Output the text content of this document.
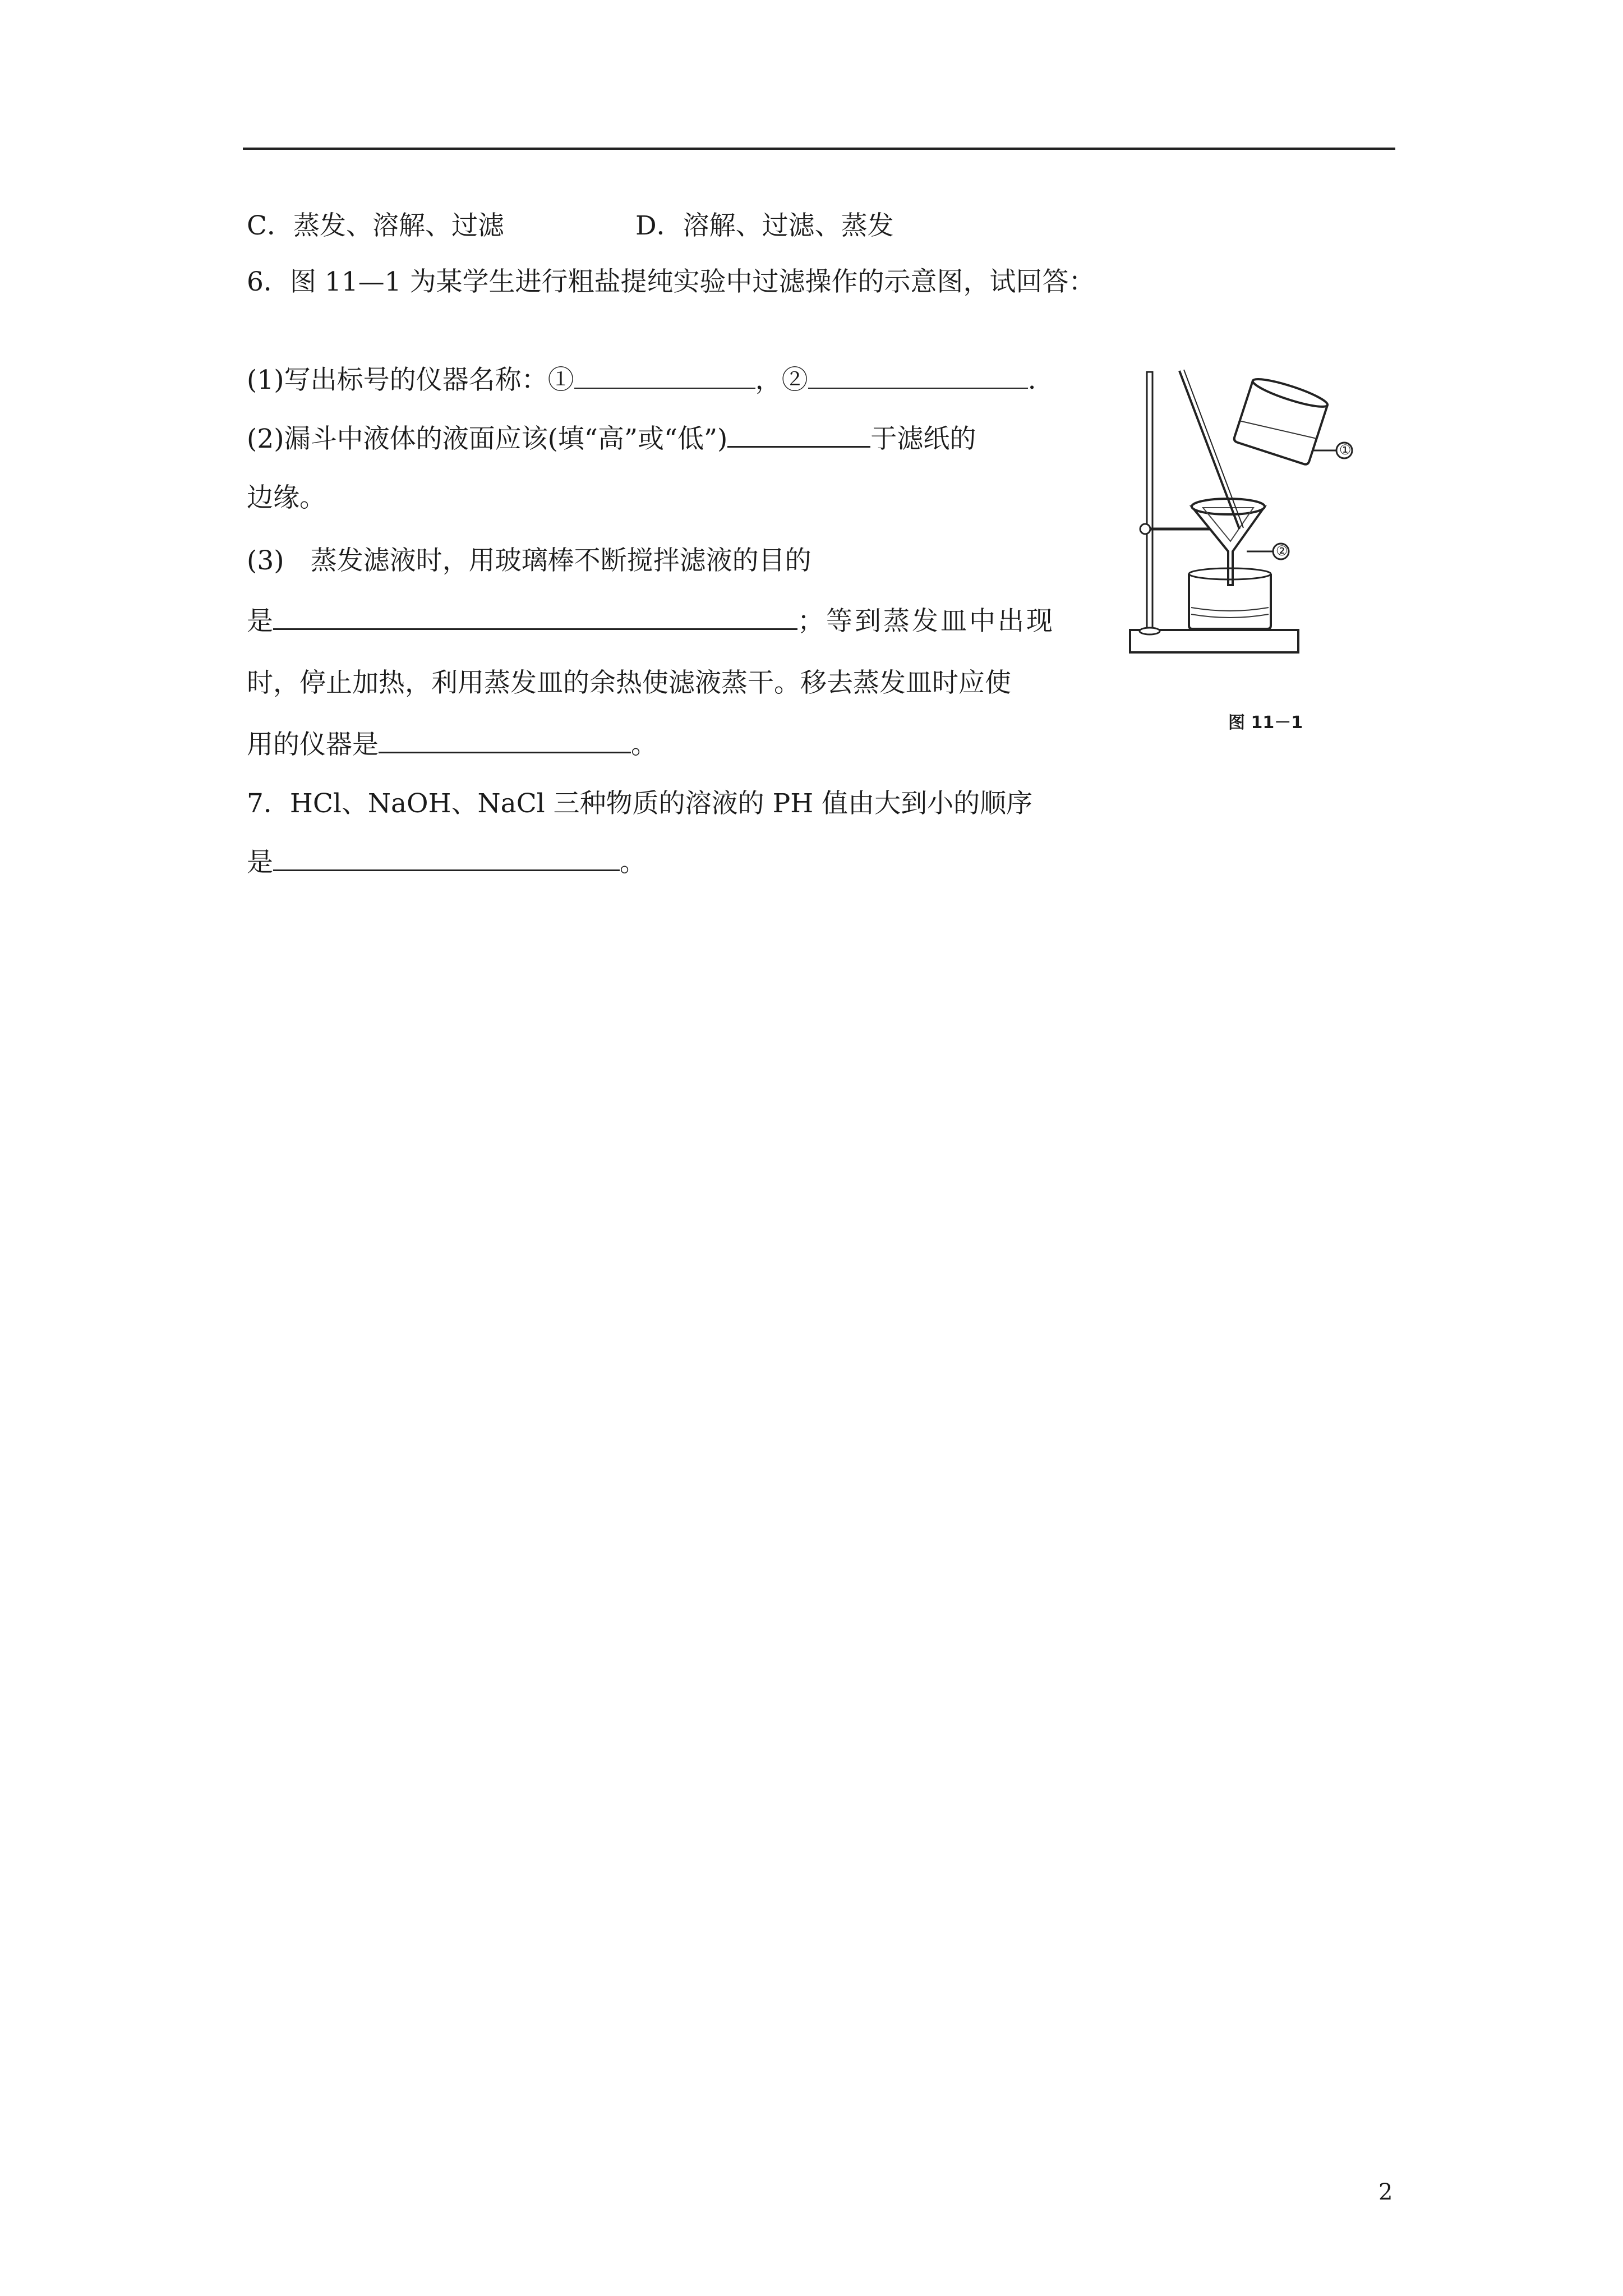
C．蒸发、溶解、过滤	D．溶解、过滤、蒸发
6．图 11—1 为某学生进行粗盐提纯实验中过滤操作的示意图，试回答：
(1)写出标号的仪器名称：①	，②	.
(2)漏斗中液体的液面应该(填“高”或“低”)	于滤纸的
边缘。
(3)　蒸发滤液时，用玻璃棒不断搅拌滤液的目的
是	；等到蒸发皿中出现
时，停止加热，利用蒸发皿的余热使滤液蒸干。移去蒸发皿时应使
用的仪器是	。
7．HCl、NaOH、NaCl 三种物质的溶液的 PH 值由大到小的顺序
是	。
①
②
图 11－1
2
